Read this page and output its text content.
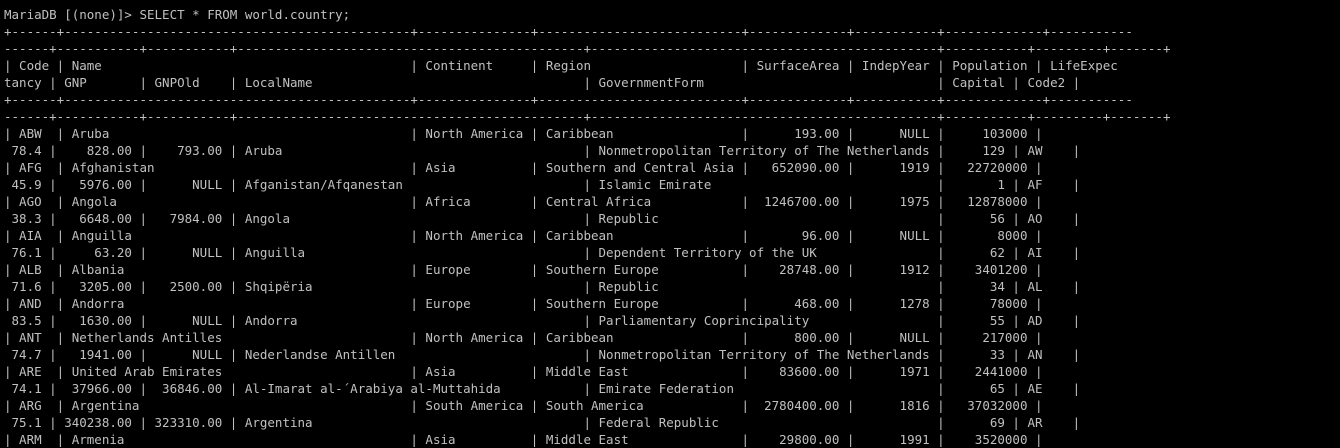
MariaDB [(none)]> SELECT * FROM world.country;
+------+----------------------------------------------+---------------+---------------------------+-------------+-----------+-------------+-----------
------+-----------+-----------+----------------------------------------------+----------------------------------------------+-----------+---------+-------+
| Code | Name                                         | Continent     | Region                    | SurfaceArea | IndepYear | Population | LifeExpec
tancy | GNP       | GNPOld    | LocalName                                    | GovernmentForm                               | Capital | Code2 |
+------+----------------------------------------------+---------------+---------------------------+-------------+-----------+-------------+-----------
------+-----------+-----------+----------------------------------------------+----------------------------------------------+-----------+---------+-------+
| ABW  | Aruba                                        | North America | Caribbean                 |      193.00 |      NULL |     103000 |
78.4 |    828.00 |    793.00 | Aruba                                        | Nonmetropolitan Territory of The Netherlands |     129 | AW    |
| AFG  | Afghanistan                                  | Asia          | Southern and Central Asia |   652090.00 |      1919 |   22720000 |
45.9 |   5976.00 |      NULL | Afganistan/Afqanestan                        | Islamic Emirate                              |       1 | AF    |
| AGO  | Angola                                       | Africa        | Central Africa            |  1246700.00 |      1975 |   12878000 |
38.3 |   6648.00 |   7984.00 | Angola                                       | Republic                                     |      56 | AO    |
| AIA  | Anguilla                                     | North America | Caribbean                 |       96.00 |      NULL |       8000 |
76.1 |     63.20 |      NULL | Anguilla                                     | Dependent Territory of the UK                |      62 | AI    |
| ALB  | Albania                                      | Europe        | Southern Europe           |    28748.00 |      1912 |    3401200 |
71.6 |   3205.00 |   2500.00 | Shqipëria                                    | Republic                                     |      34 | AL    |
| AND  | Andorra                                      | Europe        | Southern Europe           |      468.00 |      1278 |      78000 |
83.5 |   1630.00 |      NULL | Andorra                                      | Parliamentary Coprincipality                 |      55 | AD    |
| ANT  | Netherlands Antilles                         | North America | Caribbean                 |      800.00 |      NULL |     217000 |
74.7 |   1941.00 |      NULL | Nederlandse Antillen                         | Nonmetropolitan Territory of The Netherlands |      33 | AN    |
| ARE  | United Arab Emirates                         | Asia          | Middle East               |    83600.00 |      1971 |    2441000 |
74.1 |  37966.00 |  36846.00 | Al-Imarat al-´Arabiya al-Muttahida           | Emirate Federation                           |      65 | AE    |
| ARG  | Argentina                                    | South America | South America             |  2780400.00 |      1816 |   37032000 |
75.1 | 340238.00 | 323310.00 | Argentina                                    | Federal Republic                             |      69 | AR    |
| ARM  | Armenia                                      | Asia          | Middle East               |    29800.00 |      1991 |    3520000 |
